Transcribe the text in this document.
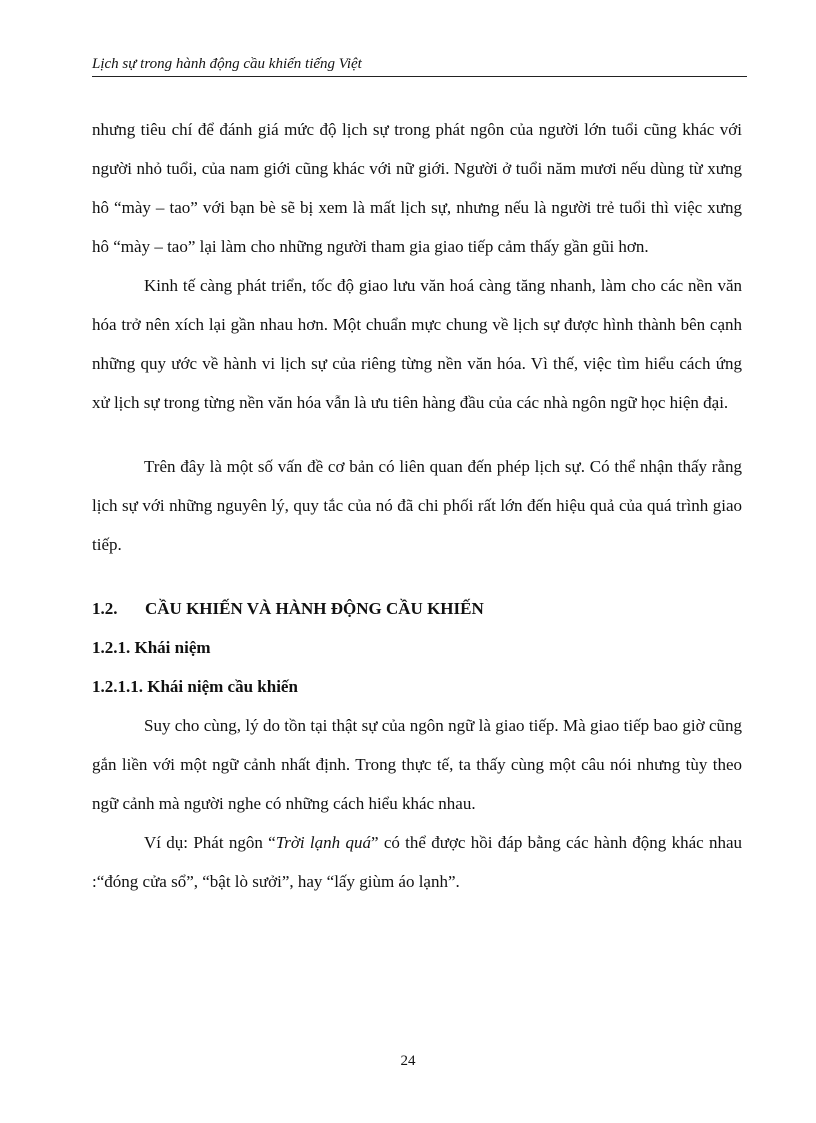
Lịch sự trong hành động cầu khiến tiếng Việt

nhưng tiêu chí để đánh giá mức độ lịch sự trong phát ngôn của người lớn tuổi cũng khác với người nhỏ tuổi, của nam giới cũng khác với nữ giới. Người ở tuổi năm mươi nếu dùng từ xưng hô “mày – tao” với bạn bè sẽ bị xem là mất lịch sự, nhưng nếu là người trẻ tuổi thì việc xưng hô “mày – tao” lại làm cho những người tham gia giao tiếp cảm thấy gần gũi hơn.

Kinh tế càng phát triển, tốc độ giao lưu văn hoá càng tăng nhanh, làm cho các nền văn hóa trở nên xích lại gần nhau hơn. Một chuẩn mực chung về lịch sự được hình thành bên cạnh những quy ước về hành vi lịch sự của riêng từng nền văn hóa. Vì thế, việc tìm hiểu cách ứng xử lịch sự trong từng nền văn hóa vẫn là ưu tiên hàng đầu của các nhà ngôn ngữ học hiện đại.

Trên đây là một số vấn đề cơ bản có liên quan đến phép lịch sự. Có thể nhận thấy rằng lịch sự với những nguyên lý, quy tắc của nó đã chi phối rất lớn đến hiệu quả của quá trình giao tiếp.

1.2. CẦU KHIẾN VÀ HÀNH ĐỘNG CẦU KHIẾN
1.2.1. Khái niệm
1.2.1.1. Khái niệm cầu khiến

Suy cho cùng, lý do tồn tại thật sự của ngôn ngữ là giao tiếp. Mà giao tiếp bao giờ cũng gắn liền với một ngữ cảnh nhất định. Trong thực tế, ta thấy cùng một câu nói nhưng tùy theo ngữ cảnh mà người nghe có những cách hiểu khác nhau.

Ví dụ: Phát ngôn “Trời lạnh quá” có thể được hồi đáp bằng các hành động khác nhau :“đóng cửa sổ”, “bật lò sưởi”, hay “lấy giùm áo lạnh”.

24
